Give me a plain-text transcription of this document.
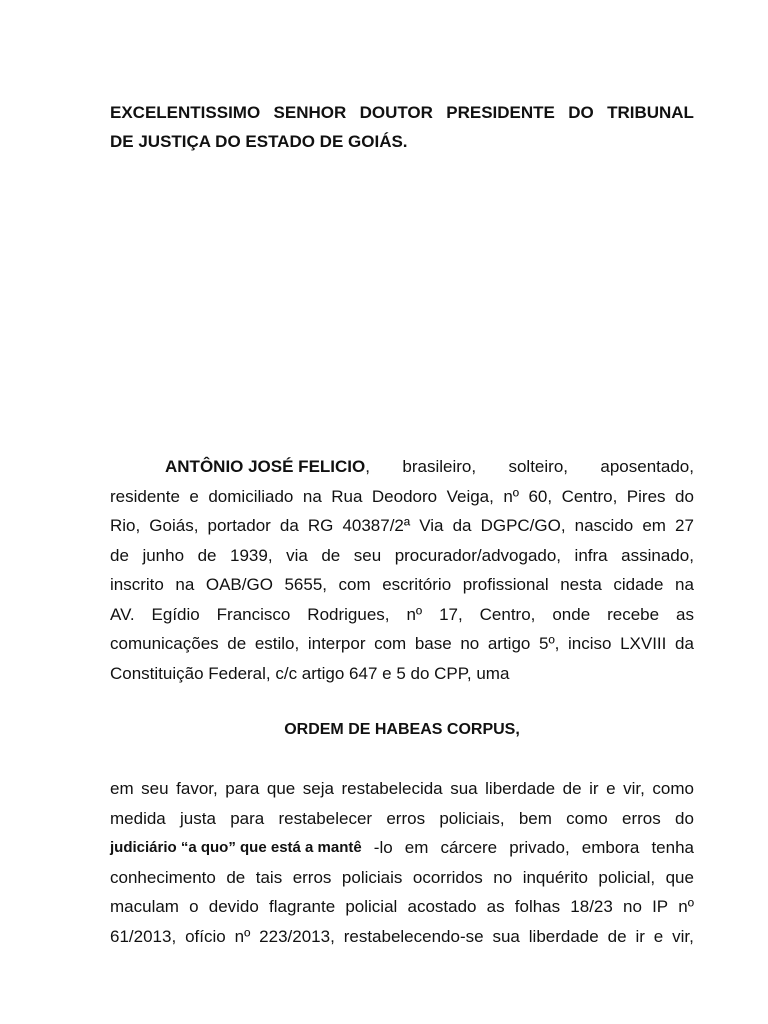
EXCELENTISSIMO SENHOR DOUTOR PRESIDENTE DO TRIBUNAL
DE JUSTIÇA DO ESTADO DE GOIÁS.
ANTÔNIO JOSÉ FELICIO, brasileiro, solteiro, aposentado,
residente e domiciliado na Rua Deodoro Veiga, nº 60, Centro, Pires do
Rio, Goiás, portador da RG 40387/2ª Via da DGPC/GO, nascido em 27
de junho de 1939, via de seu procurador/advogado, infra assinado,
inscrito na OAB/GO 5655, com escritório profissional nesta cidade na
AV. Egídio Francisco Rodrigues, nº 17, Centro, onde recebe as
comunicações de estilo, interpor com base no artigo 5º, inciso LXVIII da
Constituição Federal, c/c artigo 647 e 5 do CPP, uma
ORDEM DE HABEAS CORPUS,
em seu favor, para que seja restabelecida sua liberdade de ir e vir, como
medida justa para restabelecer erros policiais, bem como erros do
judiciário “a quo” que está a mantê -lo em cárcere privado, embora tenha
conhecimento de tais erros policiais ocorridos no inquérito policial, que
maculam o devido flagrante policial acostado as folhas 18/23 no IP nº
61/2013, ofício nº 223/2013, restabelecendo-se sua liberdade de ir e vir,
